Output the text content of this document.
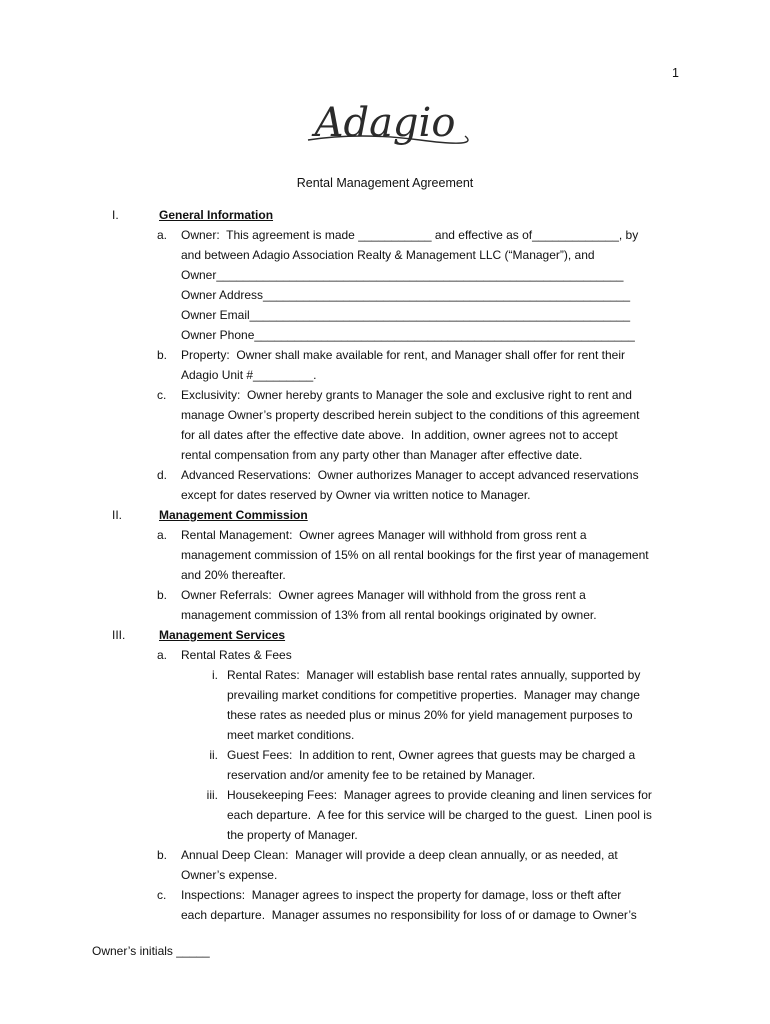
1
Adagio
Rental Management Agreement
I.	General Information
a. Owner:  This agreement is made ___________ and effective as of_____________, by
and between Adagio Association Realty & Management LLC (“Manager”), and
Owner_____________________________________________________________
Owner Address_______________________________________________________
Owner Email_________________________________________________________
Owner Phone_________________________________________________________
b. Property:  Owner shall make available for rent, and Manager shall offer for rent their
Adagio Unit #_________.
c. Exclusivity:  Owner hereby grants to Manager the sole and exclusive right to rent and
manage Owner’s property described herein subject to the conditions of this agreement
for all dates after the effective date above.  In addition, owner agrees not to accept
rental compensation from any party other than Manager after effective date.
d. Advanced Reservations:  Owner authorizes Manager to accept advanced reservations
except for dates reserved by Owner via written notice to Manager.
II.	Management Commission
a. Rental Management:  Owner agrees Manager will withhold from gross rent a
management commission of 15% on all rental bookings for the first year of management
and 20% thereafter.
b. Owner Referrals:  Owner agrees Manager will withhold from the gross rent a
management commission of 13% from all rental bookings originated by owner.
III.	Management Services
a. Rental Rates & Fees
i. Rental Rates:  Manager will establish base rental rates annually, supported by
prevailing market conditions for competitive properties.  Manager may change
these rates as needed plus or minus 20% for yield management purposes to
meet market conditions.
ii. Guest Fees:  In addition to rent, Owner agrees that guests may be charged a
reservation and/or amenity fee to be retained by Manager.
iii. Housekeeping Fees:  Manager agrees to provide cleaning and linen services for
each departure.  A fee for this service will be charged to the guest.  Linen pool is
the property of Manager.
b. Annual Deep Clean:  Manager will provide a deep clean annually, or as needed, at
Owner’s expense.
c. Inspections:  Manager agrees to inspect the property for damage, loss or theft after
each departure.  Manager assumes no responsibility for loss of or damage to Owner’s
Owner’s initials _____
